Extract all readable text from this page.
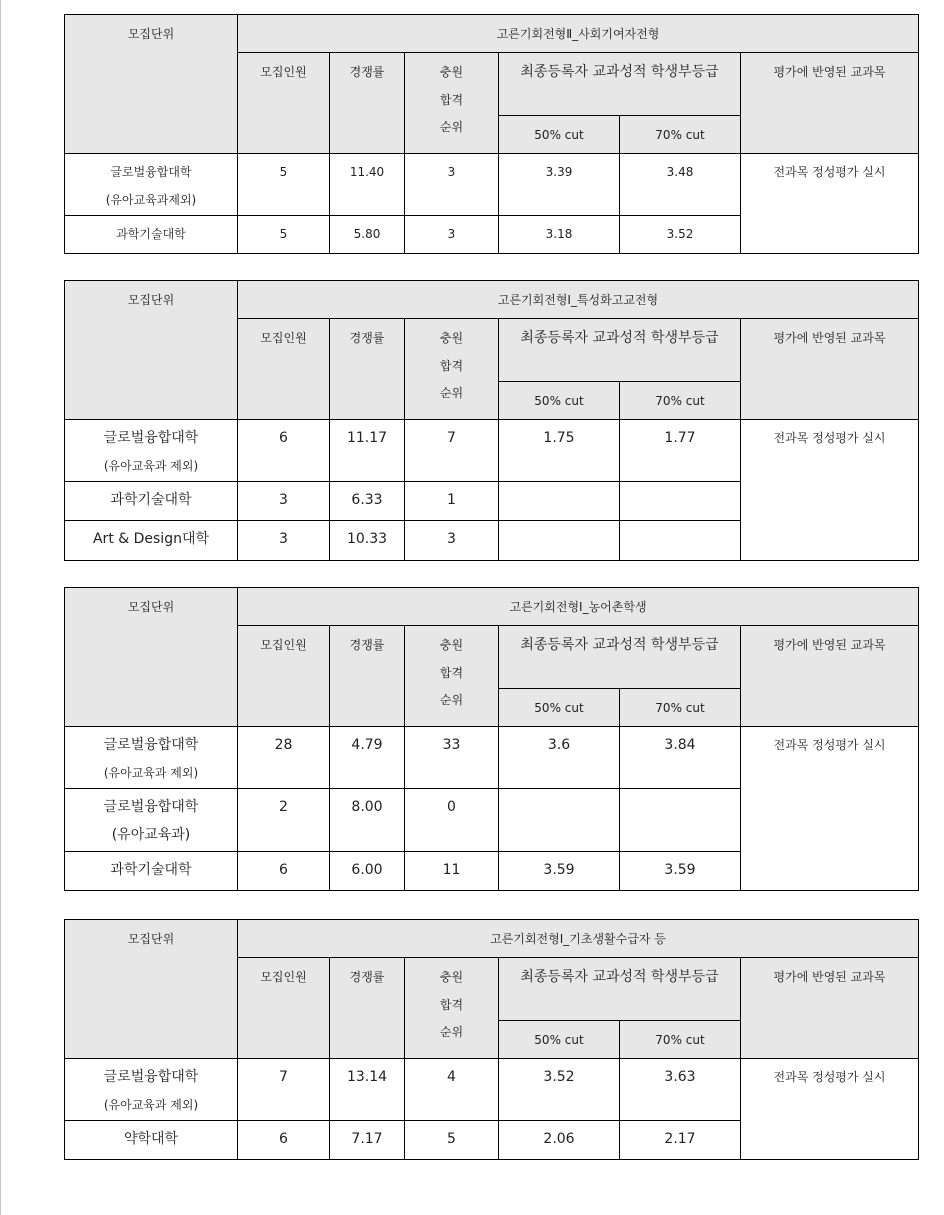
모집단위	고른기회전형Ⅱ_사회기여자전형					

	모집인원	경쟁률	충원
합격
순위	최종등록자 교과성적 학생부등급		평가에 반영된 교과목

				50% cut	70% cut	

글로벌융합대학
(유아교육과제외)	5	11.40	3	3.39	3.48	전과목 정성평가 실시

과학기술대학	5	5.80	3	3.18	3.52	
모집단위	고른기회전형Ⅰ_특성화고교전형					

	모집인원	경쟁률	충원
합격
순위	최종등록자 교과성적 학생부등급		평가에 반영된 교과목

				50% cut	70% cut	

글로벌융합대학
(유아교육과 제외)	6	11.17	7	1.75	1.77	전과목 정성평가 실시

과학기술대학	3	6.33	1			

Art & Design대학	3	10.33	3			

모집단위	고른기회전형Ⅰ_농어촌학생					

	모집인원	경쟁률	충원
합격
순위	최종등록자 교과성적 학생부등급		평가에 반영된 교과목

				50% cut	70% cut	

글로벌융합대학
(유아교육과 제외)	28	4.79	33	3.6	3.84	전과목 정성평가 실시

글로벌융합대학
(유아교육과)	2	8.00	0			

과학기술대학	6	6.00	11	3.59	3.59	
모집단위	고른기회전형Ⅰ_기초생활수급자 등					

	모집인원	경쟁률	충원
합격
순위	최종등록자 교과성적 학생부등급		평가에 반영된 교과목

				50% cut	70% cut	

글로벌융합대학
(유아교육과 제외)	7	13.14	4	3.52	3.63	전과목 정성평가 실시

약학대학	6	7.17	5	2.06	2.17	
